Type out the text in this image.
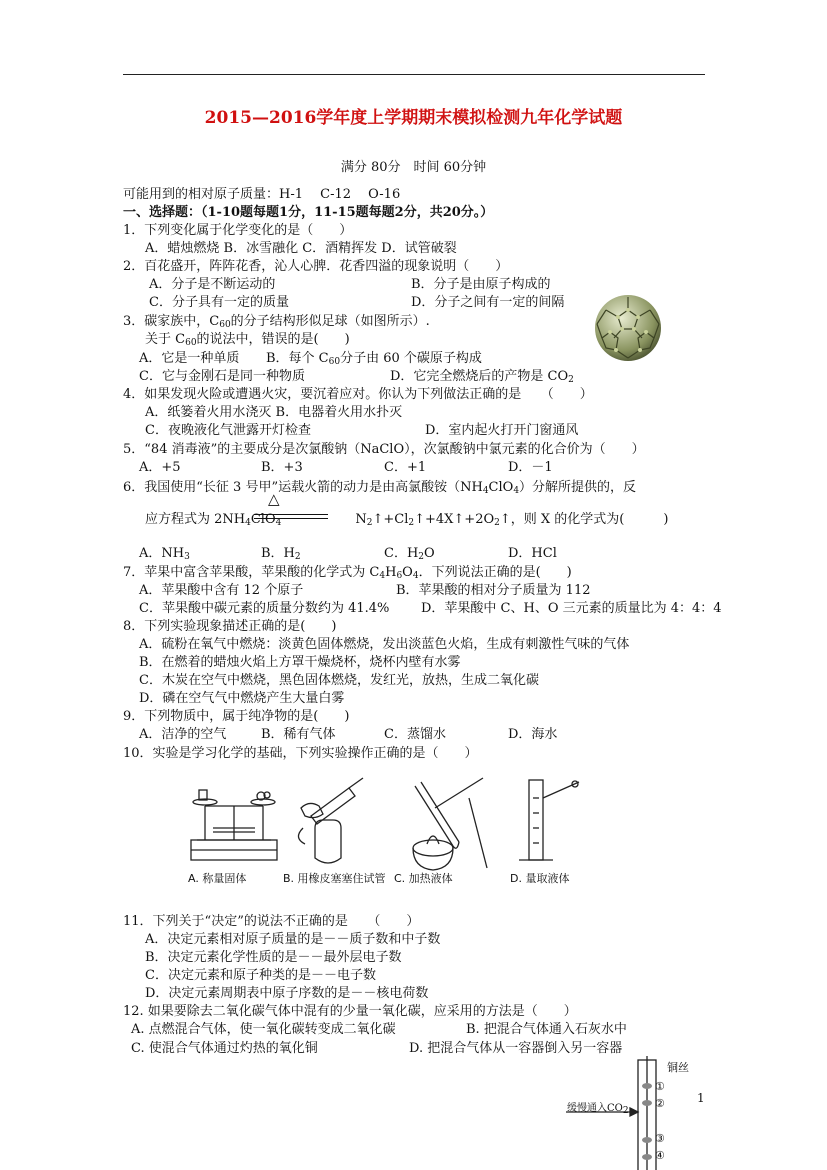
2015—2016学年度上学期期末模拟检测九年化学试题
满分 80分　时间 60分钟
可能用到的相对原子质量：H-1　 C-12　 O-16
一、选择题：（1-10题每题1分，11-15题每题2分，共20分。）
1．下列变化属于化学变化的是（　　）
A．蜡烛燃烧 B．冰雪融化 C．酒精挥发 D．试管破裂
2．百花盛开，阵阵花香，沁人心脾．花香四溢的现象说明（　　）
A．分子是不断运动的	B．分子是由原子构成的
C．分子具有一定的质量	D．分子之间有一定的间隔
3．碳家族中，$C_{60}$的分子结构形似足球（如图所示）.
关于 $C_{60}$的说法中，错误的是(　　)
A．它是一种单质 B．每个 $C_{60}$分子由 60 个碳原子构成
C．它与金刚石是同一种物质	D．它完全燃烧后的产物是 $CO_2$
4．如果发现火险或遭遇火灾，要沉着应对。你认为下列做法正确的是　　（　　）
A．纸篓着火用水浇灭 B．电器着火用水扑灭
C．夜晚液化气泄露开灯检查	D．室内起火打开门窗通风
5．“84 消毒液”的主要成分是次氯酸钠（NaClO），次氯酸钠中氯元素的化合价为（　　）
A．+5	B．+3	C．+1	D．－1
6．我国使用“长征 3 号甲”运载火箭的动力是由高氯酸铵$(NH_4ClO_4)$分解所提供的，反
应方程式为 $2NH_4ClO_4$	$N_2↑+Cl_2↑+4X↑+2O_2↑$，则 X 的化学式为(　　　)
△
A．$NH_3$	B．$H_2$	C．$H_2O$	D．HCl
7．苹果中富含苹果酸，苹果酸的化学式为 $C_4H_6O_4$．下列说法正确的是(　　)
A．苹果酸中含有 12 个原子	B．苹果酸的相对分子质量为 112
C．苹果酸中碳元素的质量分数约为 41.4% D．苹果酸中 C、H、O 三元素的质量比为 4：4：4
8．下列实验现象描述正确的是(　　)
A．硫粉在氧气中燃烧：淡黄色固体燃烧，发出淡蓝色火焰，生成有刺激性气味的气体
B．在燃着的蜡烛火焰上方罩干燥烧杯，烧杯内壁有水雾
C．木炭在空气中燃烧，黑色固体燃烧，发红光，放热，生成二氧化碳
D．磷在空气气中燃烧产生大量白雾
9．下列物质中，属于纯净物的是(　　)
A．洁净的空气	B．稀有气体	C．蒸馏水	D．海水
10．实验是学习化学的基础，下列实验操作正确的是（　　）
A. 称量固体	B. 用橡皮塞塞住试管 C. 加热液体	D. 量取液体
11．下列关于“决定”的说法不正确的是　　（　　）
A．决定元素相对原子质量的是－－质子数和中子数
B．决定元素化学性质的是－－最外层电子数
C．决定元素和原子种类的是－－电子数
D．决定元素周期表中原子序数的是－－核电荷数
12. 如果要除去二氧化碳气体中混有的少量一氧化碳，应采用的方法是（　　）
A. 点燃混合气体，使一氧化碳转变成二氧化碳	B. 把混合气体通入石灰水中
C. 使混合气体通过灼热的氧化铜	D. 把混合气体从一容器倒入另一容器
铜丝
缓慢通入CO2
①
②
③
④
1
